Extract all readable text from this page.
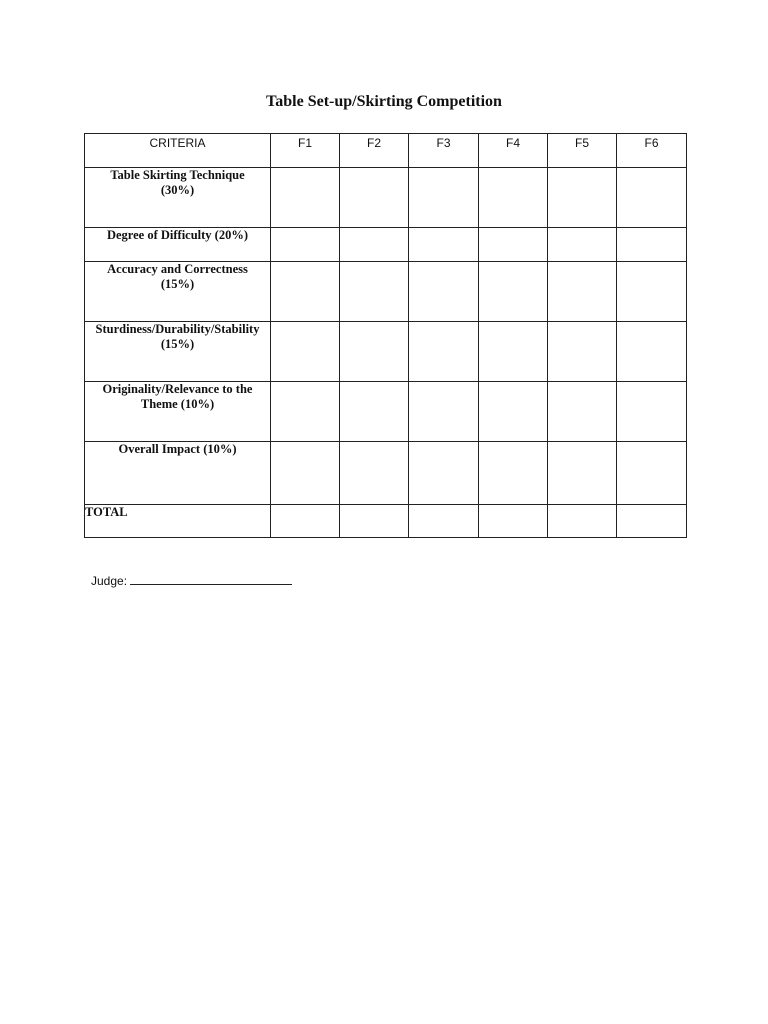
Table Set-up/Skirting Competition
CRITERIA	F1	F2	F3	F4	F5	F6

Table Skirting Technique
(30%)						

Degree of Difficulty (20%)						

Accuracy and Correctness
(15%)						

Sturdiness/Durability/Stability
(15%)						

Originality/Relevance to the
Theme (10%)						

Overall Impact (10%)						

TOTAL						
Judge:
